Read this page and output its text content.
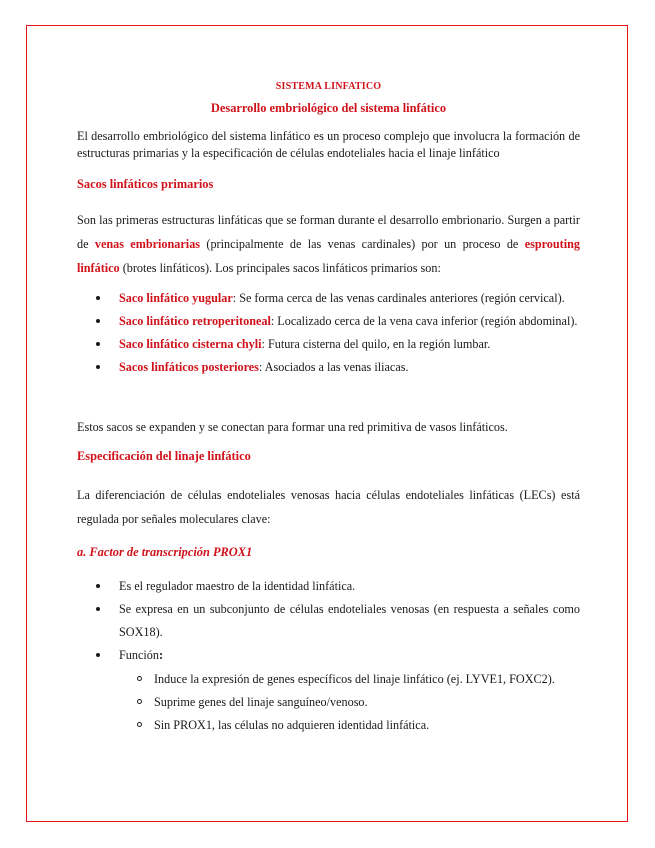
SISTEMA LINFATICO
Desarrollo embriológico del sistema linfático

El desarrollo embriológico del sistema linfático es un proceso complejo que involucra la formación de estructuras primarias y la especificación de células endoteliales hacia el linaje linfático

Sacos linfáticos primarios

Son las primeras estructuras linfáticas que se forman durante el desarrollo embrionario. Surgen a partir de venas embrionarias (principalmente de las venas cardinales) por un proceso de esprouting linfático (brotes linfáticos). Los principales sacos linfáticos primarios son:

Saco linfático yugular: Se forma cerca de las venas cardinales anteriores (región cervical).
Saco linfático retroperitoneal: Localizado cerca de la vena cava inferior (región abdominal).
Saco linfático cisterna chyli: Futura cisterna del quilo, en la región lumbar.
Sacos linfáticos posteriores: Asociados a las venas iliacas.

Estos sacos se expanden y se conectan para formar una red primitiva de vasos linfáticos.

Especificación del linaje linfático

La diferenciación de células endoteliales venosas hacia células endoteliales linfáticas (LECs) está regulada por señales moleculares clave:

a. Factor de transcripción PROX1
Es el regulador maestro de la identidad linfática.
Se expresa en un subconjunto de células endoteliales venosas (en respuesta a señales como SOX18).
Función:
Induce la expresión de genes específicos del linaje linfático (ej. LYVE1, FOXC2).
Suprime genes del linaje sanguíneo/venoso.
Sin PROX1, las células no adquieren identidad linfática.
